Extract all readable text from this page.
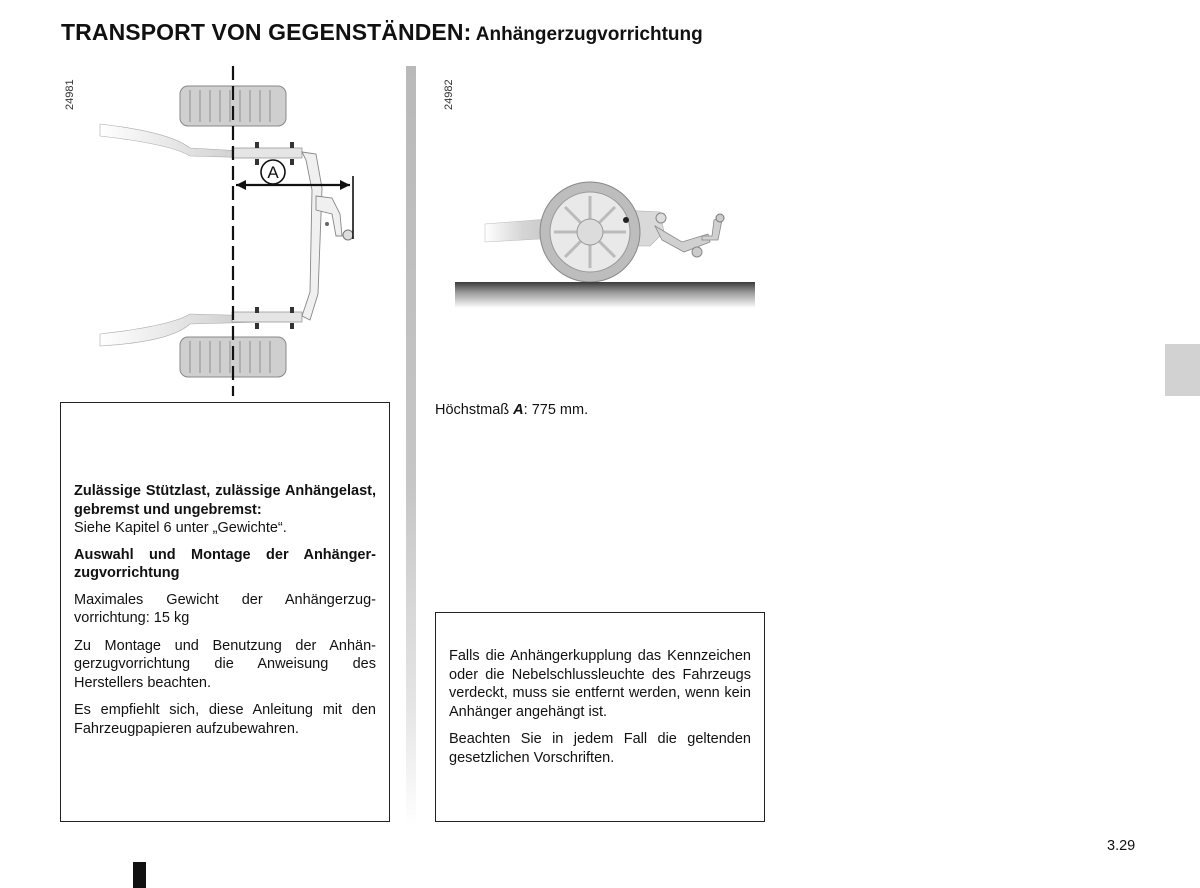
TRANSPORT VON GEGENSTÄNDEN: Anhängerzugvorrichtung
24981
A
24982
Höchstmaß A: 775 mm.

Zulässige Stützlast, zulässige Anhängelast, gebremst und ungebremst:
Siehe Kapitel 6 unter „Gewichte“.

Auswahl und Montage der Anhängerzugvorrichtung

Maximales Gewicht der Anhängerzugvorrichtung: 15 kg

Zu Montage und Benutzung der Anhängerzugvorrichtung die Anweisung des Herstellers beachten.

Es empfiehlt sich, diese Anleitung mit den Fahrzeugpapieren aufzubewahren.

Falls die Anhängerkupplung das Kennzeichen oder die Nebelschlussleuchte des Fahrzeugs verdeckt, muss sie entfernt werden, wenn kein Anhänger angehängt ist.

Beachten Sie in jedem Fall die geltenden gesetzlichen Vorschriften.

3.29
